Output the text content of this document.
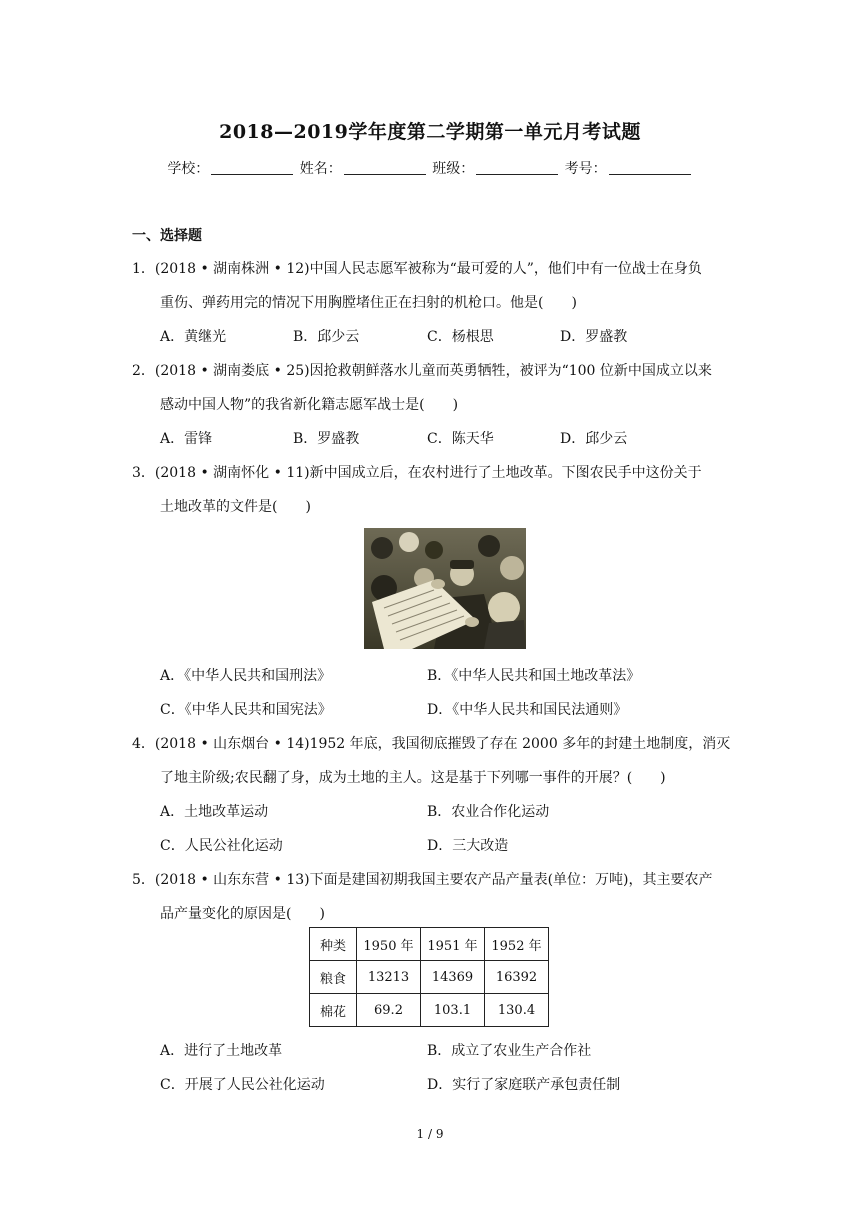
2018—2019学年度第二学期第一单元月考试题
学校：	姓名：	班级：	考号：
一、选择题
1．(2018 • 湖南株洲 • 12)中国人民志愿军被称为“最可爱的人”，他们中有一位战士在身负
重伤、弹药用完的情况下用胸膛堵住正在扫射的机枪口。他是(　　)
A．黄继光	B．邱少云	C．杨根思	D．罗盛教
2．(2018 • 湖南娄底 • 25)因抢救朝鲜落水儿童而英勇牺牲，被评为“100 位新中国成立以来
感动中国人物”的我省新化籍志愿军战士是(　　)
A．雷锋	B．罗盛教	C．陈天华	D．邱少云
3．(2018 • 湖南怀化 • 11)新中国成立后，在农村进行了土地改革。下图农民手中这份关于
土地改革的文件是(　　)
A．《中华人民共和国刑法》	B．《中华人民共和国土地改革法》
C．《中华人民共和国宪法》	D．《中华人民共和国民法通则》
4．(2018 • 山东烟台 • 14)1952 年底，我国彻底摧毁了存在 2000 多年的封建土地制度，消灭
了地主阶级;农民翻了身，成为土地的主人。这是基于下列哪一事件的开展？(　　)
A．土地改革运动	B．农业合作化运动
C．人民公社化运动	D．三大改造
5．(2018 • 山东东营 • 13)下面是建国初期我国主要农产品产量表(单位：万吨)，其主要农产
品产量变化的原因是(　　)
种类	1950 年	1951 年	1952 年
粮食	13213	14369	16392
棉花	69.2	103.1	130.4
A．进行了土地改革	B．成立了农业生产合作社
C．开展了人民公社化运动	D．实行了家庭联产承包责任制
1 / 9
